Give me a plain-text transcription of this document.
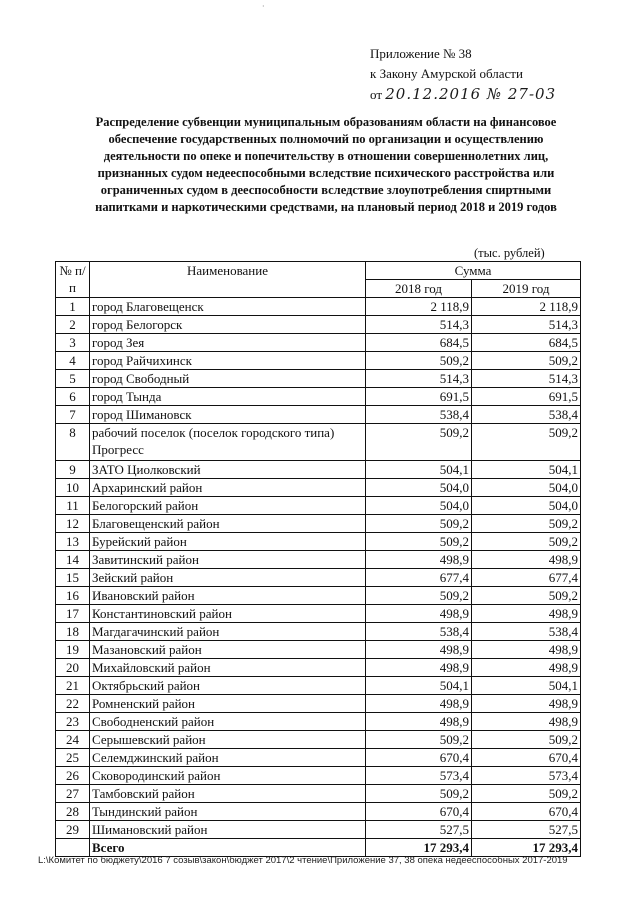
·
Приложение № 38
к Закону Амурской области
от 20.12.2016 № 27-03
Распределение субвенции муниципальным образованиям области на финансовое обеспечение государственных полномочий по организации и осуществлению деятельности по опеке и попечительству в отношении совершеннолетних лиц, признанных судом недееспособными вследствие психического расстройства или ограниченных судом в дееспособности вследствие злоупотребления спиртными напитками и наркотическими средствами, на плановый период 2018 и 2019 годов
(тыс. рублей)
№ п/п	Наименование	Сумма	
		2018 год	2019 год
1	город Благовещенск	2 118,9	2 118,9
2	город Белогорск	514,3	514,3
3	город Зея	684,5	684,5
4	город Райчихинск	509,2	509,2
5	город Свободный	514,3	514,3
6	город Тында	691,5	691,5
7	город Шимановск	538,4	538,4
8	рабочий поселок (поселок городского типа) Прогресс	509,2	509,2
9	ЗАТО Циолковский	504,1	504,1
10	Архаринский район	504,0	504,0
11	Белогорский район	504,0	504,0
12	Благовещенский район	509,2	509,2
13	Бурейский район	509,2	509,2
14	Завитинский район	498,9	498,9
15	Зейский район	677,4	677,4
16	Ивановский район	509,2	509,2
17	Константиновский район	498,9	498,9
18	Магдагачинский район	538,4	538,4
19	Мазановский район	498,9	498,9
20	Михайловский район	498,9	498,9
21	Октябрьский район	504,1	504,1
22	Ромненский район	498,9	498,9
23	Свободненский район	498,9	498,9
24	Серышевский район	509,2	509,2
25	Селемджинский район	670,4	670,4
26	Сковородинский район	573,4	573,4
27	Тамбовский район	509,2	509,2
28	Тындинский район	670,4	670,4
29	Шимановский район	527,5	527,5
	Всего	17 293,4	17 293,4
L:\Комитет по бюджету\2016 7 созыв\закон\бюджет 2017\2 чтение\Приложение 37, 38 опека недееспособных 2017-2019
